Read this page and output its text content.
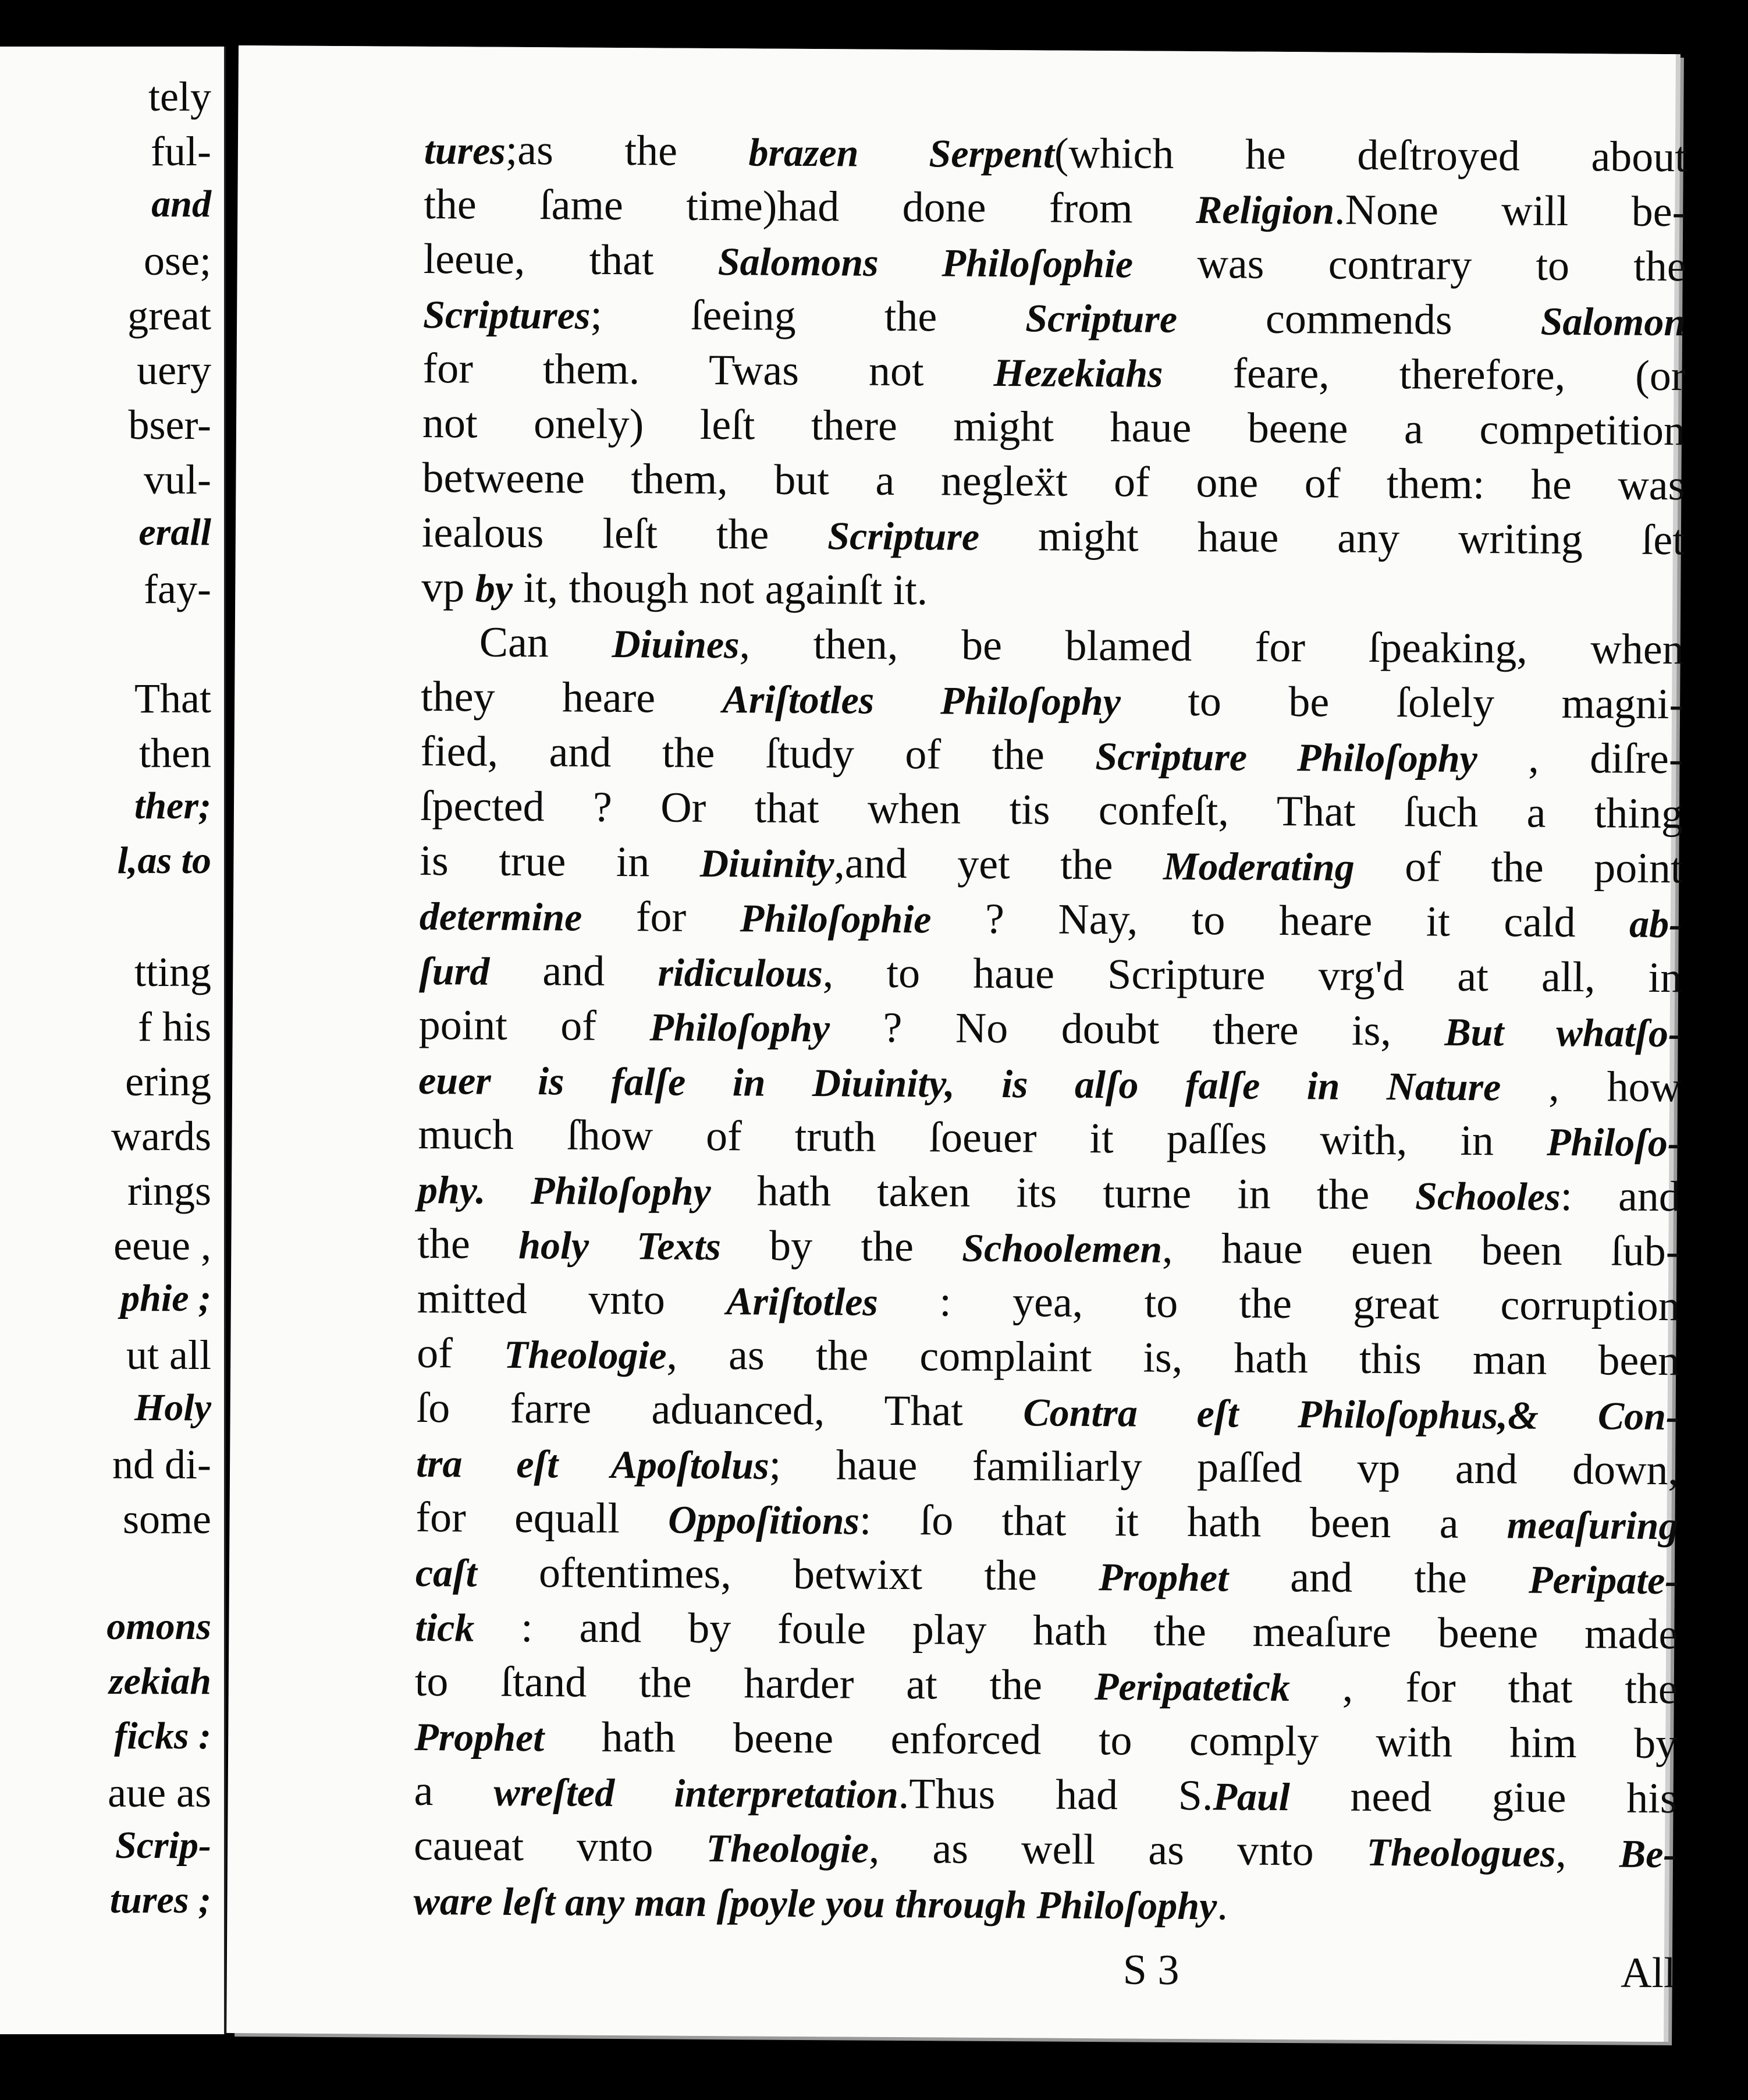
tely
ful-
and
ose;
great
uery
bser-
vul-
erall
fay-
That
then
ther;
l,as to
tting
f his
ering
wards
rings
eeue ,
phie ;
ut all
Holy
nd di-
some
omons
zekiah
ficks :
aue as
Scrip-
tures ;
tures;as the brazen Serpent(which he deſtroyed about
the ſame time)had done from Religion.None will be-
leeue, that Salomons Philoſophie was contrary to the
Scriptures; ſeeing the Scripture commends Salomon
for them. Twas not Hezekiahs feare, therefore, (or
not onely) leſt there might haue beene a competition
betweene them, but a negleẍt of one of them: he was
iealous leſt the Scripture might haue any writing ſet
vp by it, though not againſt it.
Can Diuines, then, be blamed for ſpeaking, when
they heare Ariſtotles Philoſophy to be ſolely magni-
fied, and the ſtudy of the Scripture Philoſophy , diſre-
ſpected ? Or that when tis confeſt, That ſuch a thing
is true in Diuinity,and yet the Moderating of the point
determine for Philoſophie ? Nay, to heare it cald ab-
ſurd and ridiculous, to haue Scripture vrg'd at all, in
point of Philoſophy ? No doubt there is, But whatſo-
euer is falſe in Diuinity, is alſo falſe in Nature , how
much ſhow of truth ſoeuer it paſſes with, in Philoſo-
phy. Philoſophy hath taken its turne in the Schooles: and
the holy Texts by the Schoolemen, haue euen been ſub-
mitted vnto Ariſtotles : yea, to the great corruption
of Theologie, as the complaint is, hath this man been
ſo farre aduanced, That Contra eſt Philoſophus,& Con-
tra eſt Apoſtolus; haue familiarly paſſed vp and down,
for equall Oppoſitions: ſo that it hath been a meaſuring
caſt oftentimes, betwixt the Prophet and the Peripate-
tick : and by foule play hath the meaſure beene made
to ſtand the harder at the Peripatetick , for that the
Prophet hath beene enforced to comply with him by
a wreſted interpretation.Thus had S.Paul need giue his
caueat vnto Theologie, as well as vnto Theologues, Be-
ware leſt any man ſpoyle you through Philoſophy.
S 3	All
